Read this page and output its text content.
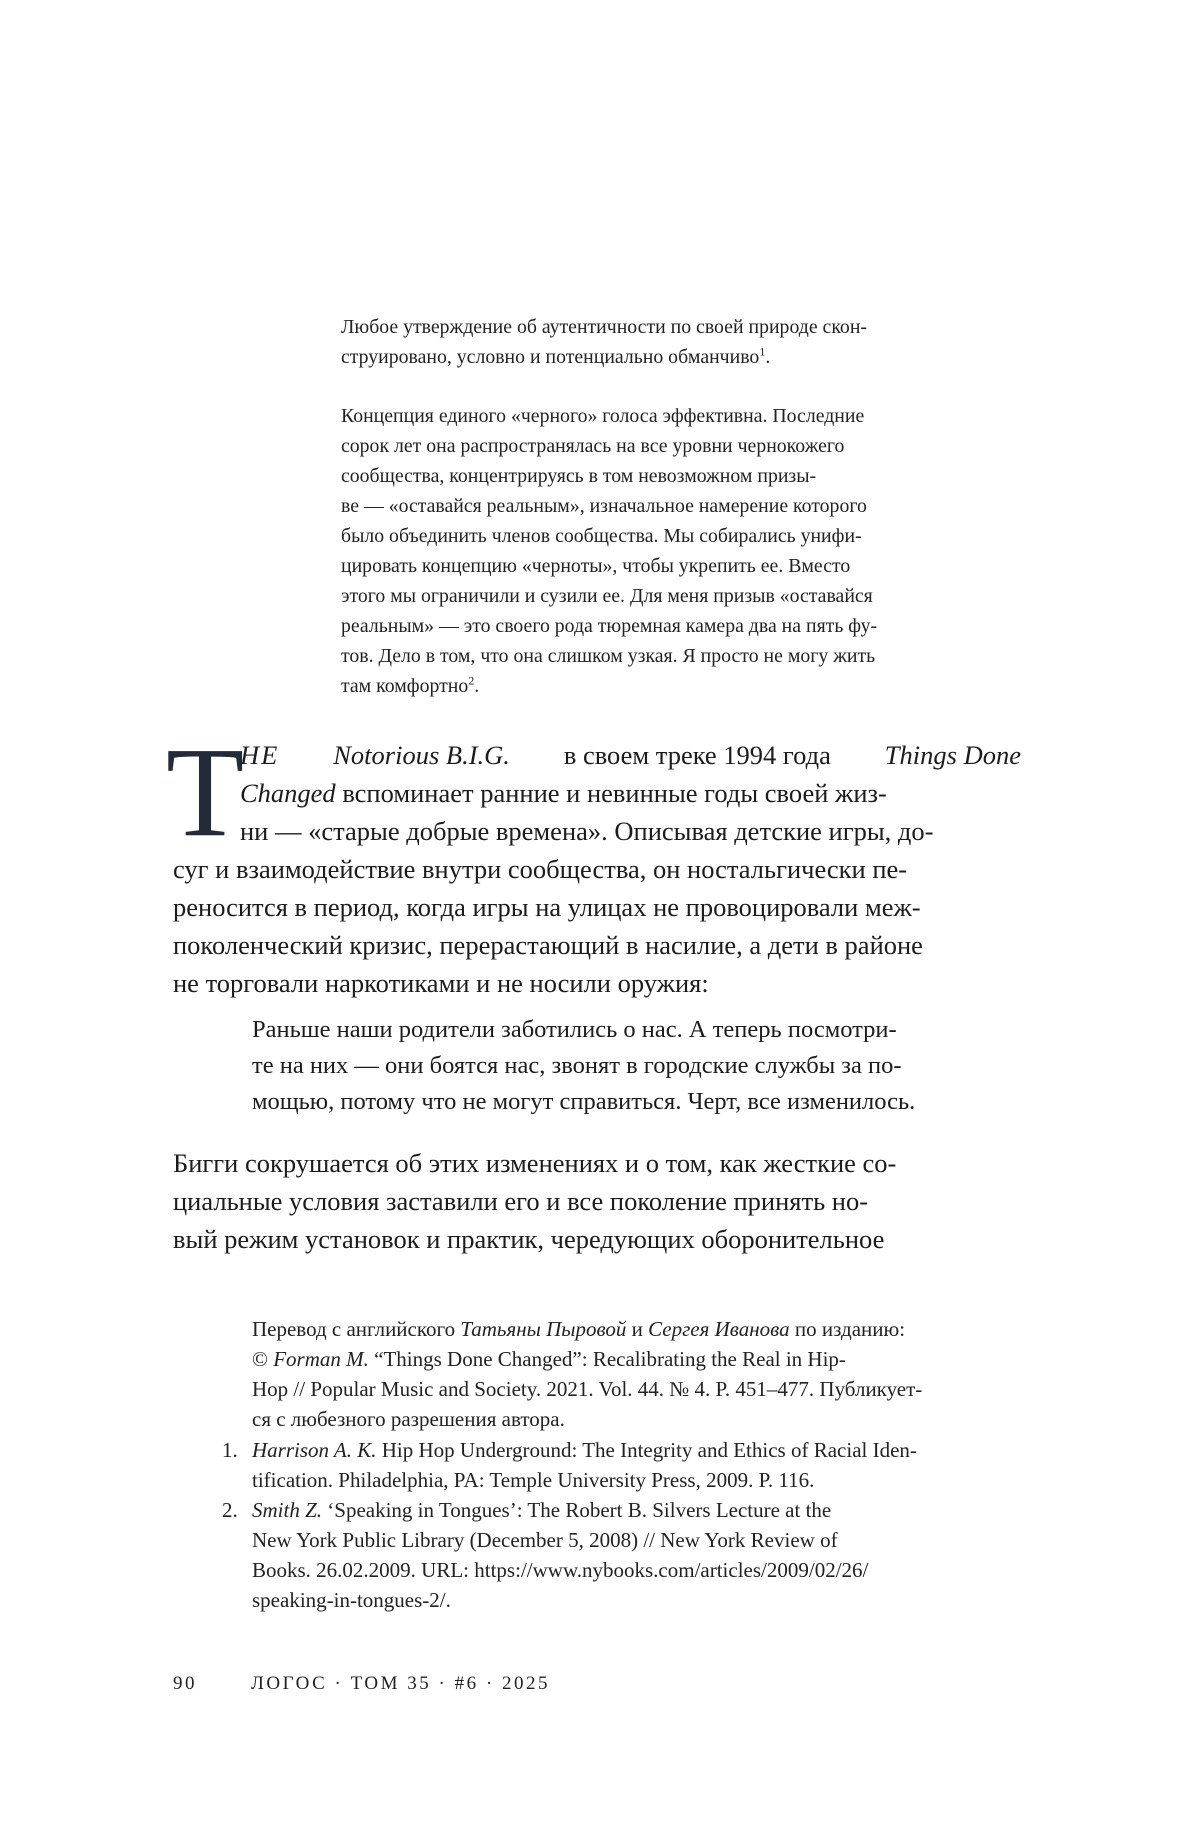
Любое утверждение об аутентичности по своей природе скон-
струировано, условно и потенциально обманчиво$^1$.

Концепция единого «черного» голоса эффективна. Последние
сорок лет она распространялась на все уровни чернокожего
сообщества, концентрируясь в том невозможном призы-
ве — «оставайся реальным», изначальное намерение которого
было объединить членов сообщества. Мы собирались унифи-
цировать концепцию «черноты», чтобы укрепить ее. Вместо
этого мы ограничили и сузили ее. Для меня призыв «оставайся
реальным» — это своего рода тюремная камера два на пять фу-
тов. Дело в том, что она слишком узкая. Я просто не могу жить
там комфортно$^2$.

T
HE Notorious B.I.G. в своем треке 1994 года Things Done
Changed вспоминает ранние и невинные годы своей жиз-
ни — «старые добрые времена». Описывая детские игры, до-
суг и взаимодействие внутри сообщества, он ностальгически пе-
реносится в период, когда игры на улицах не провоцировали меж-
поколенческий кризис, перерастающий в насилие, а дети в районе
не торговали наркотиками и не носили оружия:
Раньше наши родители заботились о нас. А теперь посмотри-
те на них — они боятся нас, звонят в городские службы за по-
мощью, потому что не могут справиться. Черт, все изменилось.
Бигги сокрушается об этих изменениях и о том, как жесткие со-
циальные условия заставили его и все поколение принять но-
вый режим установок и практик, чередующих оборонительное
Перевод с английского Татьяны Пыровой и Сергея Иванова по изданию:
© Forman M. “Things Done Changed”: Recalibrating the Real in Hip-
Hop // Popular Music and Society. 2021. Vol. 44. № 4. P. 451–477. Публикует-
ся с любезного разрешения автора.
1. Harrison A. K. Hip Hop Underground: The Integrity and Ethics of Racial Iden-
tification. Philadelphia, PA: Temple University Press, 2009. P. 116.
2. Smith Z. ‘Speaking in Tongues’: The Robert B. Silvers Lecture at the
New York Public Library (December 5, 2008) // New York Review of
Books. 26.02.2009. URL: https://www.nybooks.com/articles/2009/02/26/
speaking-in-tongues-2/.
90	ЛОГОС · ТОМ 35 · #6 · 2025
